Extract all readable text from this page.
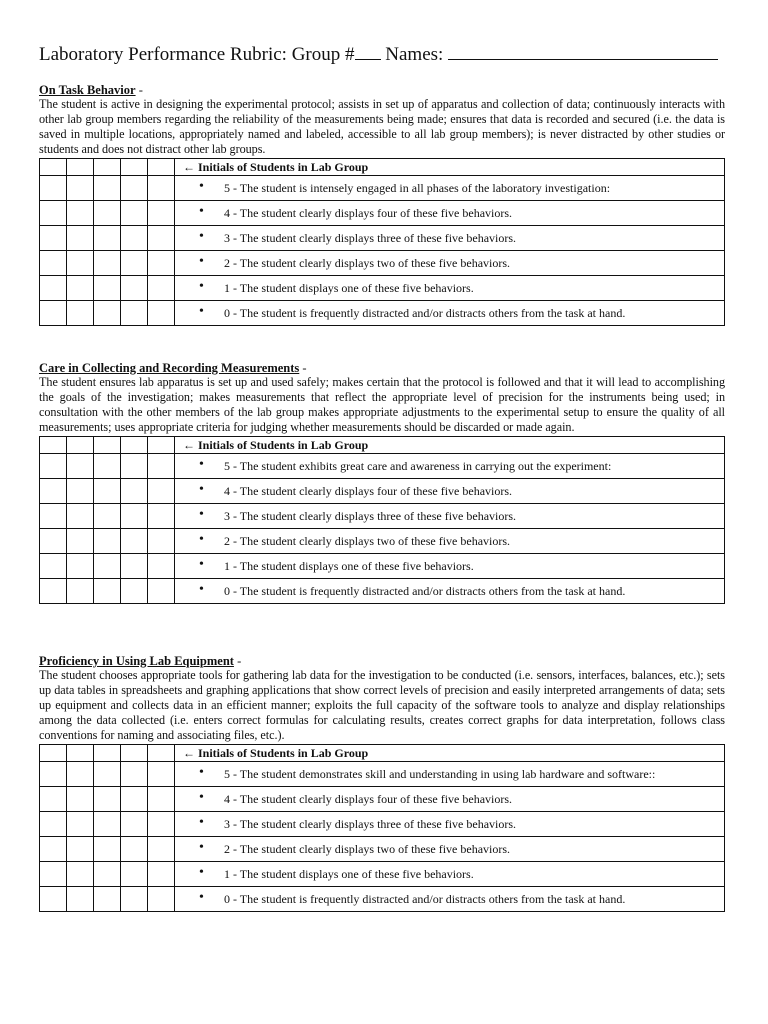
Laboratory Performance Rubric: Group # Names:
On Task Behavior -
The student is active in designing the experimental protocol; assists in set up of apparatus and collection of data; continuously interacts with other lab group members regarding the reliability of the measurements being made; ensures that data is recorded and secured (i.e. the data is saved in multiple locations, appropriately named and labeled, accessible to all lab group members); is never distracted by other studies or students and does not distract other lab groups.
					← Initials of Students in Lab Group

					• 5 - The student is intensely engaged in all phases of the laboratory investigation:

					• 4 - The student clearly displays four of these five behaviors.

					• 3 - The student clearly displays three of these five behaviors.

					• 2 - The student clearly displays two of these five behaviors.

					• 1 - The student displays one of these five behaviors.

					• 0 - The student is frequently distracted and/or distracts others from the task at hand.
Care in Collecting and Recording Measurements -
The student ensures lab apparatus is set up and used safely; makes certain that the protocol is followed and that it will lead to accomplishing the goals of the investigation; makes measurements that reflect the appropriate level of precision for the instruments being used; in consultation with the other members of the lab group makes appropriate adjustments to the experimental setup to ensure the quality of all measurements; uses appropriate criteria for judging whether measurements should be discarded or made again.
					← Initials of Students in Lab Group

					• 5 - The student exhibits great care and awareness in carrying out the experiment:

					• 4 - The student clearly displays four of these five behaviors.

					• 3 - The student clearly displays three of these five behaviors.

					• 2 - The student clearly displays two of these five behaviors.

					• 1 - The student displays one of these five behaviors.

					• 0 - The student is frequently distracted and/or distracts others from the task at hand.
Proficiency in Using Lab Equipment -
The student chooses appropriate tools for gathering lab data for the investigation to be conducted (i.e. sensors, interfaces, balances, etc.); sets up data tables in spreadsheets and graphing applications that show correct levels of precision and easily interpreted arrangements of data; sets up equipment and collects data in an efficient manner; exploits the full capacity of the software tools to analyze and display relationships among the data collected (i.e. enters correct formulas for calculating results, creates correct graphs for data interpretation, follows class conventions for naming and associating files, etc.).
					← Initials of Students in Lab Group

					• 5 - The student demonstrates skill and understanding in using lab hardware and software::

					• 4 - The student clearly displays four of these five behaviors.

					• 3 - The student clearly displays three of these five behaviors.

					• 2 - The student clearly displays two of these five behaviors.

					• 1 - The student displays one of these five behaviors.

					• 0 - The student is frequently distracted and/or distracts others from the task at hand.
